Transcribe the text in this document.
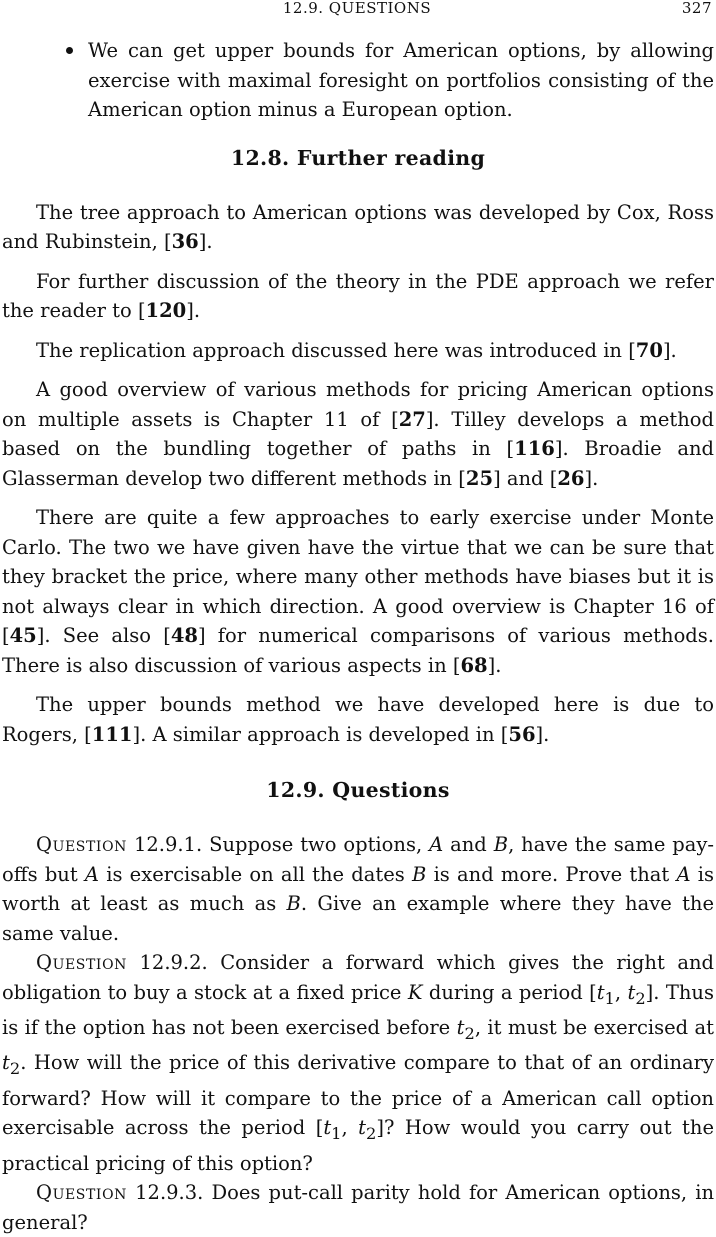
12.9. QUESTIONS	327
We can get upper bounds for American options, by allowing exercise with maximal foresight on portfolios consisting of the American option minus a European option.
12.8. Further reading

The tree approach to American options was developed by Cox, Ross and Rubinstein, [36].

For further discussion of the theory in the PDE approach we refer the reader to [120].

The replication approach discussed here was introduced in [70].

A good overview of various methods for pricing American options on multiple assets is Chapter 11 of [27]. Tilley develops a method based on the bundling together of paths in [116]. Broadie and Glasserman develop two different methods in [25] and [26].

There are quite a few approaches to early exercise under Monte Carlo. The two we have given have the virtue that we can be sure that they bracket the price, where many other methods have biases but it is not always clear in which direction. A good overview is Chapter 16 of [45]. See also [48] for numerical comparisons of various methods. There is also discussion of various aspects in [68].

The upper bounds method we have developed here is due to Rogers, [111]. A similar approach is developed in [56].

12.9. Questions

Question 12.9.1. Suppose two options, A and B, have the same pay-offs but A is exercisable on all the dates B is and more. Prove that A is worth at least as much as B. Give an example where they have the same value.

Question 12.9.2. Consider a forward which gives the right and obligation to buy a stock at a fixed price K during a period [$t_1$, $t_2$]. Thus is if the option has not been exercised before $t_2$, it must be exercised at $t_2$. How will the price of this derivative compare to that of an ordinary forward? How will it compare to the price of a American call option exercisable across the period [$t_1$, $t_2$]? How would you carry out the practical pricing of this option?

Question 12.9.3. Does put-call parity hold for American options, in general?
